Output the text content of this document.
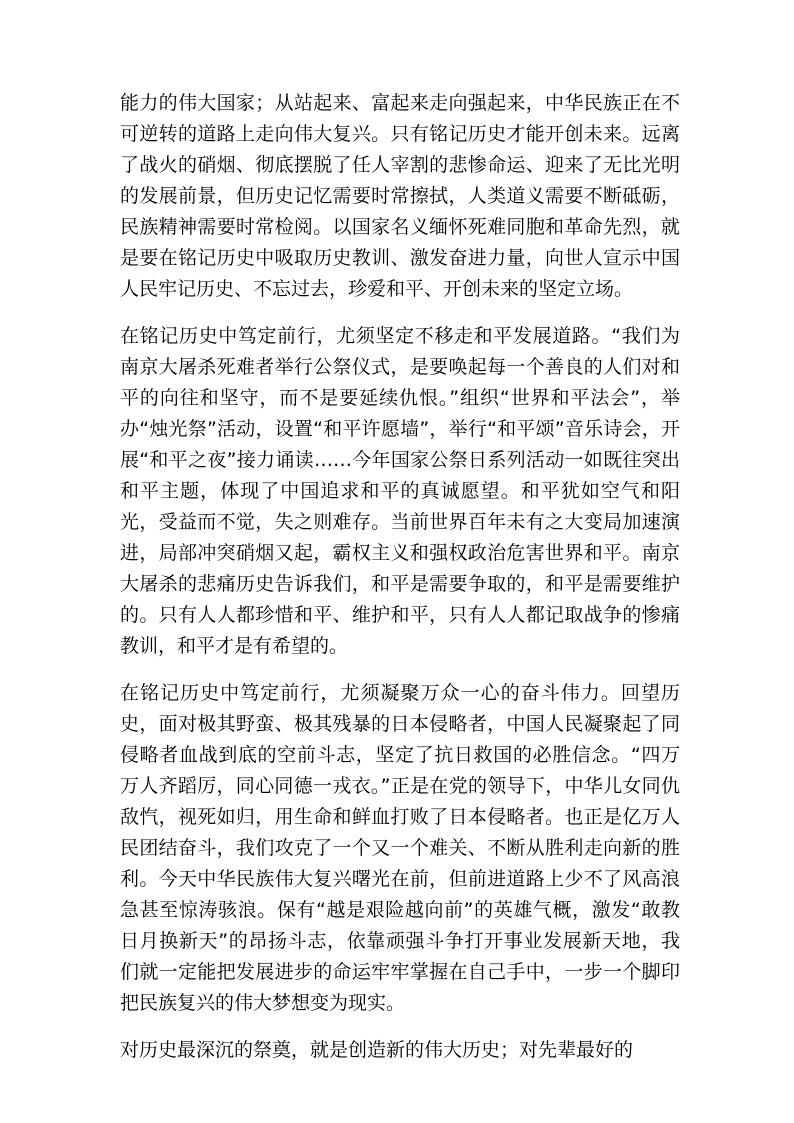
能力的伟大国家；从站起来、富起来走向强起来，中华民族正在不可逆转的道路上走向伟大复兴。只有铭记历史才能开创未来。远离了战火的硝烟、彻底摆脱了任人宰割的悲惨命运、迎来了无比光明的发展前景，但历史记忆需要时常擦拭，人类道义需要不断砥砺，民族精神需要时常检阅。以国家名义缅怀死难同胞和革命先烈，就是要在铭记历史中吸取历史教训、激发奋进力量，向世人宣示中国人民牢记历史、不忘过去，珍爱和平、开创未来的坚定立场。

在铭记历史中笃定前行，尤须坚定不移走和平发展道路。“我们为南京大屠杀死难者举行公祭仪式，是要唤起每一个善良的人们对和平的向往和坚守，而不是要延续仇恨。”组织“世界和平法会”，举办“烛光祭”活动，设置“和平许愿墙”，举行“和平颂”音乐诗会，开展“和平之夜”接力诵读……今年国家公祭日系列活动一如既往突出和平主题，体现了中国追求和平的真诚愿望。和平犹如空气和阳光，受益而不觉，失之则难存。当前世界百年未有之大变局加速演进，局部冲突硝烟又起，霸权主义和强权政治危害世界和平。南京大屠杀的悲痛历史告诉我们，和平是需要争取的，和平是需要维护的。只有人人都珍惜和平、维护和平，只有人人都记取战争的惨痛教训，和平才是有希望的。

在铭记历史中笃定前行，尤须凝聚万众一心的奋斗伟力。回望历史，面对极其野蛮、极其残暴的日本侵略者，中国人民凝聚起了同侵略者血战到底的空前斗志，坚定了抗日救国的必胜信念。“四万万人齐蹈厉，同心同德一戎衣。”正是在党的领导下，中华儿女同仇敌忾，视死如归，用生命和鲜血打败了日本侵略者。也正是亿万人民团结奋斗，我们攻克了一个又一个难关、不断从胜利走向新的胜利。今天中华民族伟大复兴曙光在前，但前进道路上少不了风高浪急甚至惊涛骇浪。保有“越是艰险越向前”的英雄气概，激发“敢教日月换新天”的昂扬斗志，依靠顽强斗争打开事业发展新天地，我们就一定能把发展进步的命运牢牢掌握在自己手中，一步一个脚印把民族复兴的伟大梦想变为现实。

对历史最深沉的祭奠，就是创造新的伟大历史；对先辈最好的
